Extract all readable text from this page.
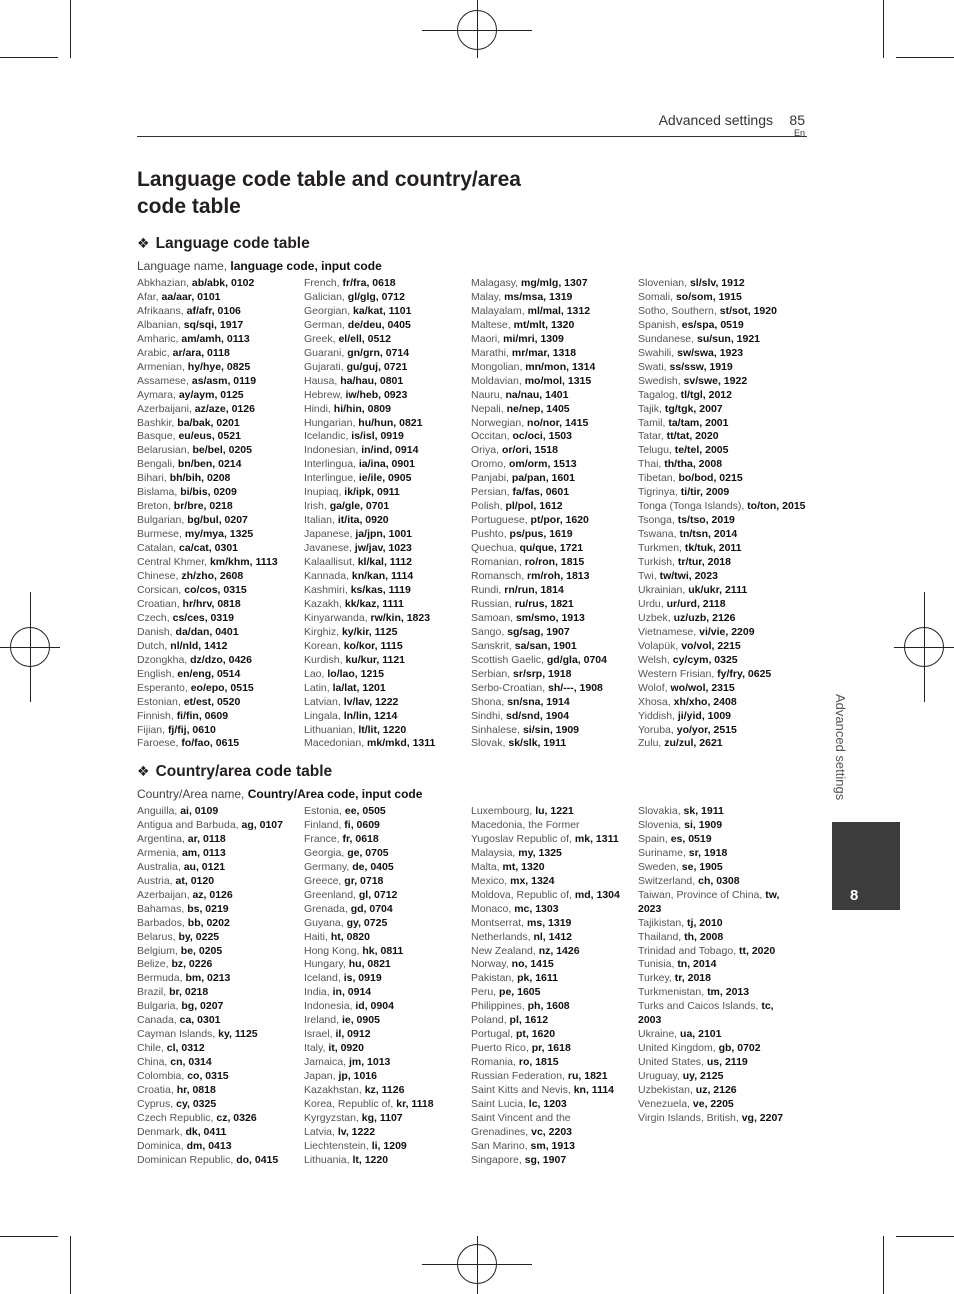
Advanced settings 85
En
Language code table and country/area code table
❖ Language code table
Language name, language code, input code
Abkhazian, ab/abk, 0102
Afar, aa/aar, 0101
Afrikaans, af/afr, 0106
Albanian, sq/sqi, 1917
Amharic, am/amh, 0113
Arabic, ar/ara, 0118
Armenian, hy/hye, 0825
Assamese, as/asm, 0119
Aymara, ay/aym, 0125
Azerbaijani, az/aze, 0126
Bashkir, ba/bak, 0201
Basque, eu/eus, 0521
Belarusian, be/bel, 0205
Bengali, bn/ben, 0214
Bihari, bh/bih, 0208
Bislama, bi/bis, 0209
Breton, br/bre, 0218
Bulgarian, bg/bul, 0207
Burmese, my/mya, 1325
Catalan, ca/cat, 0301
Central Khmer, km/khm, 1113
Chinese, zh/zho, 2608
Corsican, co/cos, 0315
Croatian, hr/hrv, 0818
Czech, cs/ces, 0319
Danish, da/dan, 0401
Dutch, nl/nld, 1412
Dzongkha, dz/dzo, 0426
English, en/eng, 0514
Esperanto, eo/epo, 0515
Estonian, et/est, 0520
Finnish, fi/fin, 0609
Fijian, fj/fij, 0610
Faroese, fo/fao, 0615
French, fr/fra, 0618
Galician, gl/glg, 0712
Georgian, ka/kat, 1101
German, de/deu, 0405
Greek, el/ell, 0512
Guarani, gn/grn, 0714
Gujarati, gu/guj, 0721
Hausa, ha/hau, 0801
Hebrew, iw/heb, 0923
Hindi, hi/hin, 0809
Hungarian, hu/hun, 0821
Icelandic, is/isl, 0919
Indonesian, in/ind, 0914
Interlingua, ia/ina, 0901
Interlingue, ie/ile, 0905
Inupiaq, ik/ipk, 0911
Irish, ga/gle, 0701
Italian, it/ita, 0920
Japanese, ja/jpn, 1001
Javanese, jw/jav, 1023
Kalaallisut, kl/kal, 1112
Kannada, kn/kan, 1114
Kashmiri, ks/kas, 1119
Kazakh, kk/kaz, 1111
Kinyarwanda, rw/kin, 1823
Kirghiz, ky/kir, 1125
Korean, ko/kor, 1115
Kurdish, ku/kur, 1121
Lao, lo/lao, 1215
Latin, la/lat, 1201
Latvian, lv/lav, 1222
Lingala, ln/lin, 1214
Lithuanian, lt/lit, 1220
Macedonian, mk/mkd, 1311
Malagasy, mg/mlg, 1307
Malay, ms/msa, 1319
Malayalam, ml/mal, 1312
Maltese, mt/mlt, 1320
Maori, mi/mri, 1309
Marathi, mr/mar, 1318
Mongolian, mn/mon, 1314
Moldavian, mo/mol, 1315
Nauru, na/nau, 1401
Nepali, ne/nep, 1405
Norwegian, no/nor, 1415
Occitan, oc/oci, 1503
Oriya, or/ori, 1518
Oromo, om/orm, 1513
Panjabi, pa/pan, 1601
Persian, fa/fas, 0601
Polish, pl/pol, 1612
Portuguese, pt/por, 1620
Pushto, ps/pus, 1619
Quechua, qu/que, 1721
Romanian, ro/ron, 1815
Romansch, rm/roh, 1813
Rundi, rn/run, 1814
Russian, ru/rus, 1821
Samoan, sm/smo, 1913
Sango, sg/sag, 1907
Sanskrit, sa/san, 1901
Scottish Gaelic, gd/gla, 0704
Serbian, sr/srp, 1918
Serbo-Croatian, sh/---, 1908
Shona, sn/sna, 1914
Sindhi, sd/snd, 1904
Sinhalese, si/sin, 1909
Slovak, sk/slk, 1911
Slovenian, sl/slv, 1912
Somali, so/som, 1915
Sotho, Southern, st/sot, 1920
Spanish, es/spa, 0519
Sundanese, su/sun, 1921
Swahili, sw/swa, 1923
Swati, ss/ssw, 1919
Swedish, sv/swe, 1922
Tagalog, tl/tgl, 2012
Tajik, tg/tgk, 2007
Tamil, ta/tam, 2001
Tatar, tt/tat, 2020
Telugu, te/tel, 2005
Thai, th/tha, 2008
Tibetan, bo/bod, 0215
Tigrinya, ti/tir, 2009
Tonga (Tonga Islands), to/ton, 2015
Tsonga, ts/tso, 2019
Tswana, tn/tsn, 2014
Turkmen, tk/tuk, 2011
Turkish, tr/tur, 2018
Twi, tw/twi, 2023
Ukrainian, uk/ukr, 2111
Urdu, ur/urd, 2118
Uzbek, uz/uzb, 2126
Vietnamese, vi/vie, 2209
Volapük, vo/vol, 2215
Welsh, cy/cym, 0325
Western Frisian, fy/fry, 0625
Wolof, wo/wol, 2315
Xhosa, xh/xho, 2408
Yiddish, ji/yid, 1009
Yoruba, yo/yor, 2515
Zulu, zu/zul, 2621
❖ Country/area code table
Country/Area name, Country/Area code, input code
Anguilla, ai, 0109
Antigua and Barbuda, ag, 0107
Argentina, ar, 0118
Armenia, am, 0113
Australia, au, 0121
Austria, at, 0120
Azerbaijan, az, 0126
Bahamas, bs, 0219
Barbados, bb, 0202
Belarus, by, 0225
Belgium, be, 0205
Belize, bz, 0226
Bermuda, bm, 0213
Brazil, br, 0218
Bulgaria, bg, 0207
Canada, ca, 0301
Cayman Islands, ky, 1125
Chile, cl, 0312
China, cn, 0314
Colombia, co, 0315
Croatia, hr, 0818
Cyprus, cy, 0325
Czech Republic, cz, 0326
Denmark, dk, 0411
Dominica, dm, 0413
Dominican Republic, do, 0415
Estonia, ee, 0505
Finland, fi, 0609
France, fr, 0618
Georgia, ge, 0705
Germany, de, 0405
Greece, gr, 0718
Greenland, gl, 0712
Grenada, gd, 0704
Guyana, gy, 0725
Haiti, ht, 0820
Hong Kong, hk, 0811
Hungary, hu, 0821
Iceland, is, 0919
India, in, 0914
Indonesia, id, 0904
Ireland, ie, 0905
Israel, il, 0912
Italy, it, 0920
Jamaica, jm, 1013
Japan, jp, 1016
Kazakhstan, kz, 1126
Korea, Republic of, kr, 1118
Kyrgyzstan, kg, 1107
Latvia, lv, 1222
Liechtenstein, li, 1209
Lithuania, lt, 1220
Luxembourg, lu, 1221
Macedonia, the Former
Yugoslav Republic of, mk, 1311
Malaysia, my, 1325
Malta, mt, 1320
Mexico, mx, 1324
Moldova, Republic of, md, 1304
Monaco, mc, 1303
Montserrat, ms, 1319
Netherlands, nl, 1412
New Zealand, nz, 1426
Norway, no, 1415
Pakistan, pk, 1611
Peru, pe, 1605
Philippines, ph, 1608
Poland, pl, 1612
Portugal, pt, 1620
Puerto Rico, pr, 1618
Romania, ro, 1815
Russian Federation, ru, 1821
Saint Kitts and Nevis, kn, 1114
Saint Lucia, lc, 1203
Saint Vincent and the
Grenadines, vc, 2203
San Marino, sm, 1913
Singapore, sg, 1907
Slovakia, sk, 1911
Slovenia, si, 1909
Spain, es, 0519
Suriname, sr, 1918
Sweden, se, 1905
Switzerland, ch, 0308
Taiwan, Province of China, tw,
2023
Tajikistan, tj, 2010
Thailand, th, 2008
Trinidad and Tobago, tt, 2020
Tunisia, tn, 2014
Turkey, tr, 2018
Turkmenistan, tm, 2013
Turks and Caicos Islands, tc,
2003
Ukraine, ua, 2101
United Kingdom, gb, 0702
United States, us, 2119
Uruguay, uy, 2125
Uzbekistan, uz, 2126
Venezuela, ve, 2205
Virgin Islands, British, vg, 2207
Advanced settings
8
